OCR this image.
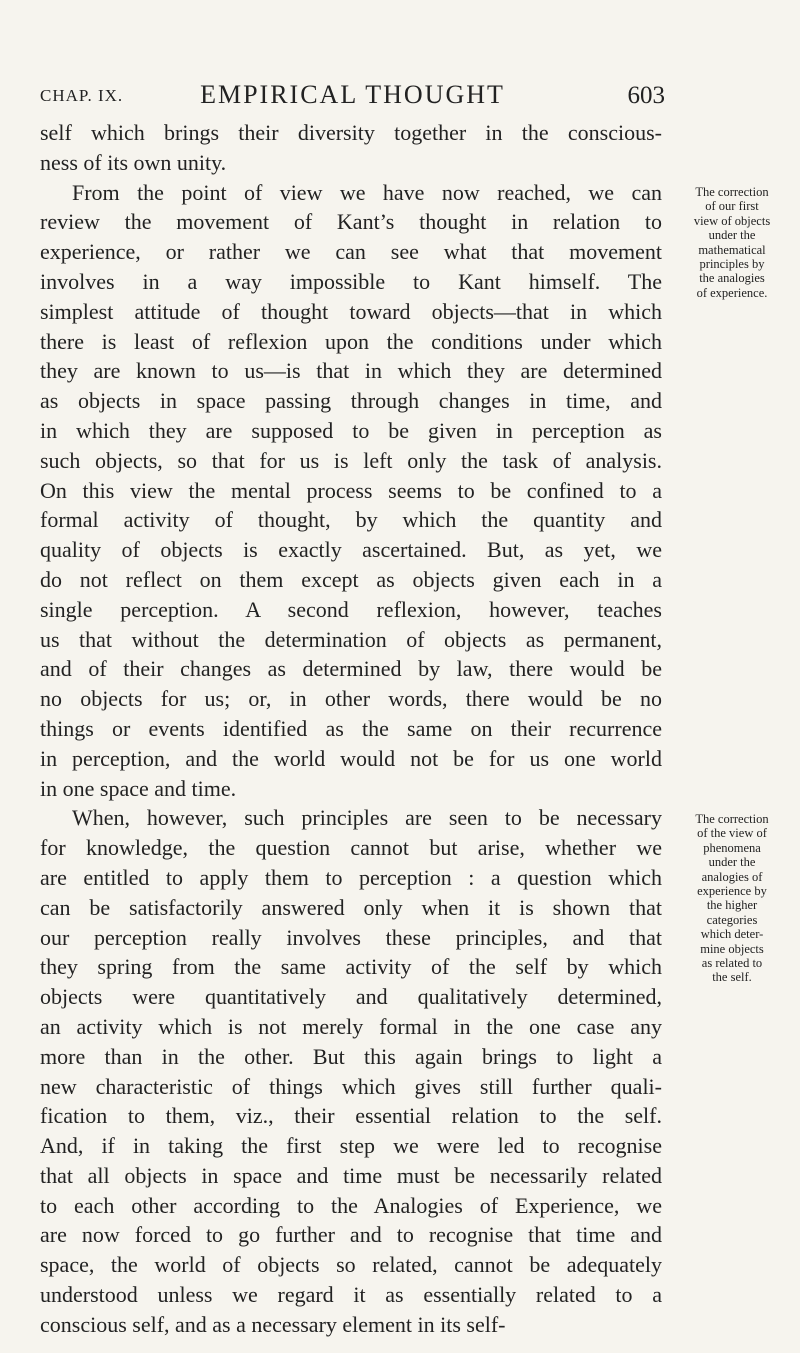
CHAP. IX.	EMPIRICAL THOUGHT	603
self which brings their diversity together in the conscious-
ness of its own unity.
From the point of view we have now reached, we can
review the movement of Kant’s thought in relation to
experience, or rather we can see what that movement
involves in a way impossible to Kant himself. The
simplest attitude of thought toward objects—that in which
there is least of reflexion upon the conditions under which
they are known to us—is that in which they are determined
as objects in space passing through changes in time, and
in which they are supposed to be given in perception as
such objects, so that for us is left only the task of analysis.
On this view the mental process seems to be confined to a
formal activity of thought, by which the quantity and
quality of objects is exactly ascertained. But, as yet, we
do not reflect on them except as objects given each in a
single perception. A second reflexion, however, teaches
us that without the determination of objects as permanent,
and of their changes as determined by law, there would be
no objects for us; or, in other words, there would be no
things or events identified as the same on their recurrence
in perception, and the world would not be for us one world
in one space and time.
When, however, such principles are seen to be necessary
for knowledge, the question cannot but arise, whether we
are entitled to apply them to perception : a question which
can be satisfactorily answered only when it is shown that
our perception really involves these principles, and that
they spring from the same activity of the self by which
objects were quantitatively and qualitatively determined,
an activity which is not merely formal in the one case any
more than in the other. But this again brings to light a
new characteristic of things which gives still further quali-
fication to them, viz., their essential relation to the self.
And, if in taking the first step we were led to recognise
that all objects in space and time must be necessarily related
to each other according to the Analogies of Experience, we
are now forced to go further and to recognise that time and
space, the world of objects so related, cannot be adequately
understood unless we regard it as essentially related to a
conscious self, and as a necessary element in its self-
The correction
of our first
view of objects
under the
mathematical
principles by
the analogies
of experience.
The correction
of the view of
phenomena
under the
analogies of
experience by
the higher
categories
which deter-
mine objects
as related to
the self.
